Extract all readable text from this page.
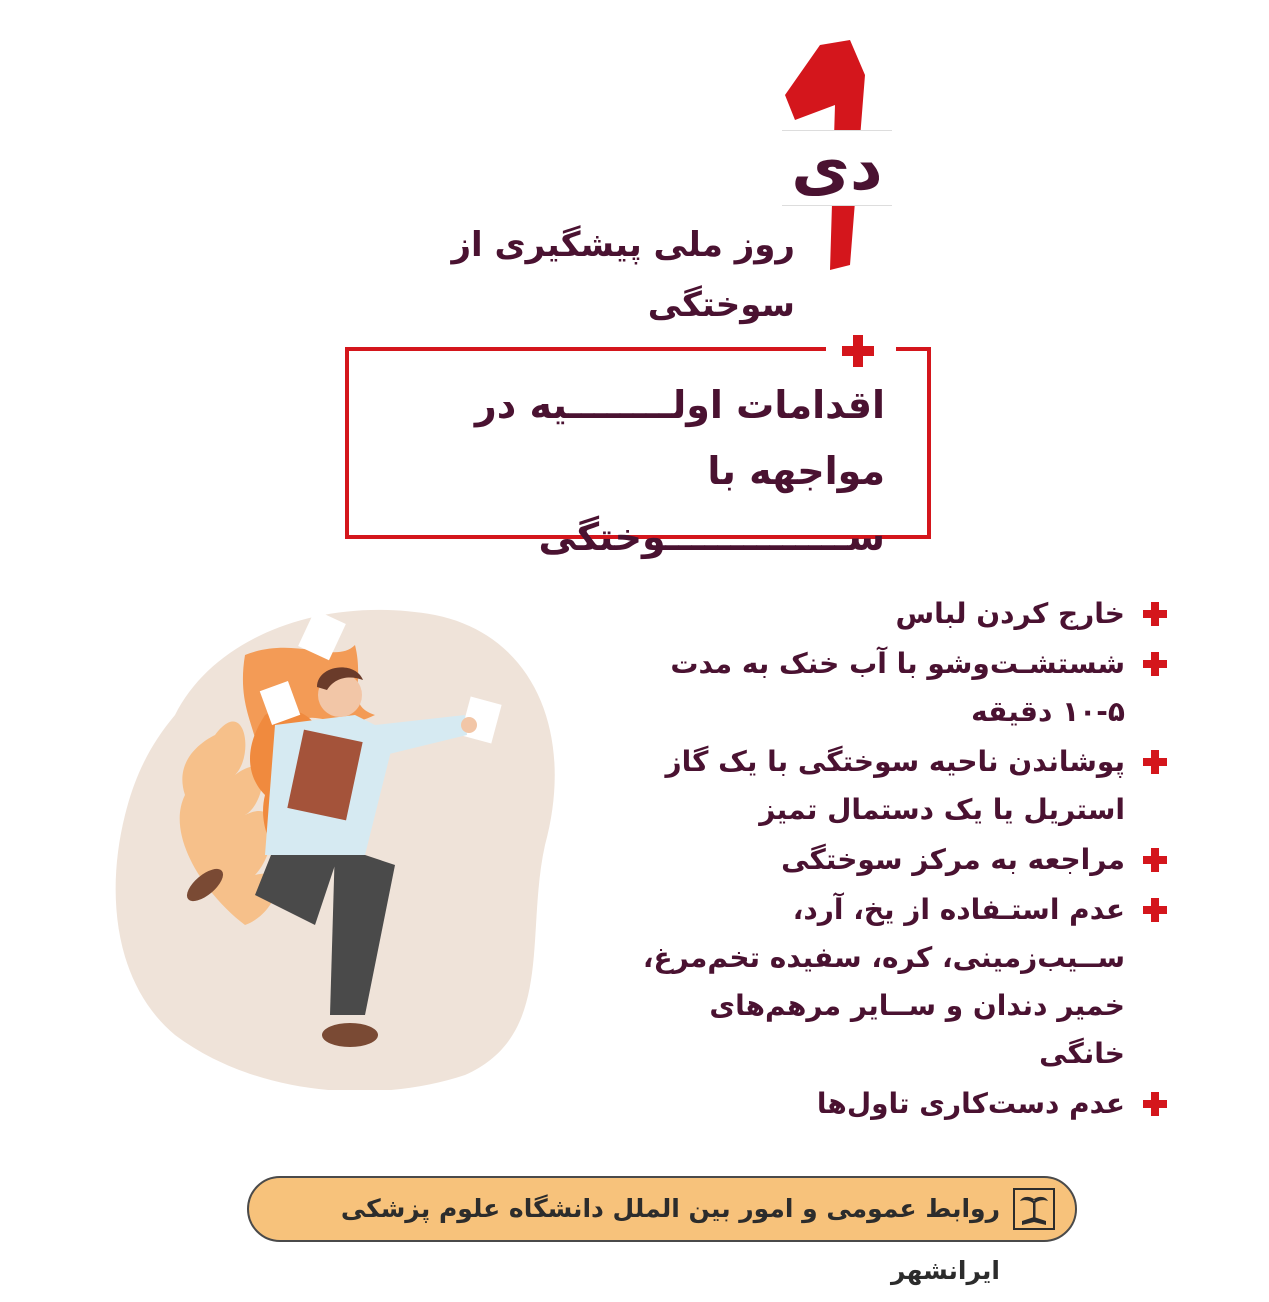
دی
روز ملی پیشگیری از سوختگی
اقدامات اولــــــــیه در مواجهه با
ســــــــــــــوختگی
خارج کردن لباس
شستشـت‌وشو با آب خنک به مدت ۵-۱۰ دقیقه
پوشاندن ناحیه سوختگی با یک گاز استریل یا یک دستمال تمیز
مراجعه به مرکز سوختگی
عدم استـفاده از یخ، آرد، ســیب‌زمینی، کره، سفیده تخم‌مرغ، خمیر دندان و ســایر مرهم‌های خانگی
عدم دست‌کاری تاول‌ها
روابط عمومی و امور بین الملل دانشگاه علوم پزشکی ایرانشهر
